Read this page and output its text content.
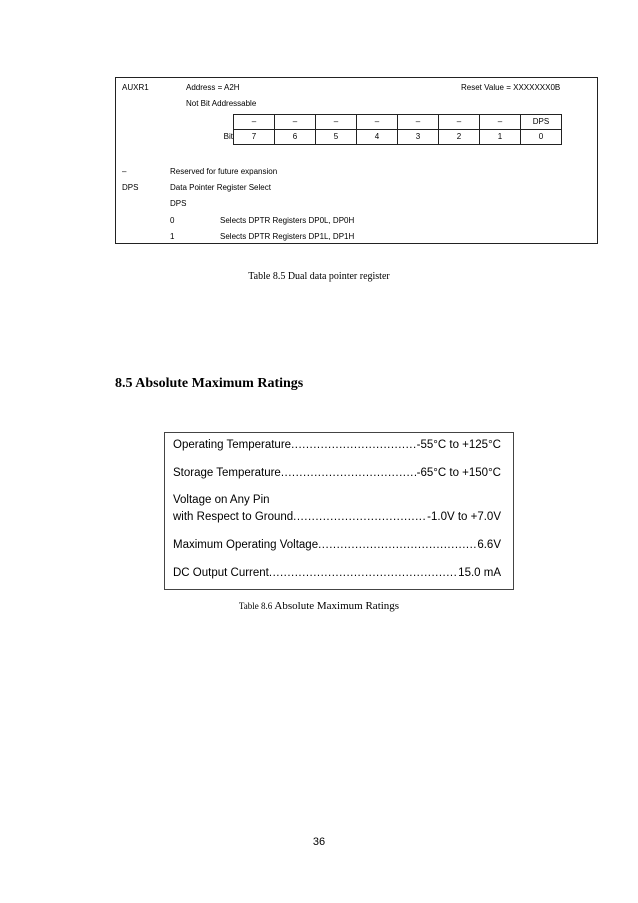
AUXR1	Address = A2H	Reset Value = XXXXXXX0B
Not Bit Addressable
	–	–	–	–	–	–	–	DPS
Bit	7	6	5	4	3	2	1	0
–	Reserved for future expansion
DPS	Data Pointer Register Select
DPS
0	Selects DPTR Registers DP0L, DP0H
1	Selects DPTR Registers DP1L, DP1H
Table 8.5 Dual data pointer register
8.5 Absolute Maximum Ratings
Operating Temperature .....	-55°C to +125°C
Storage Temperature .....	-65°C to +150°C
Voltage on Any Pin
with Respect to Ground .....	-1.0V to +7.0V
Maximum Operating Voltage .....	6.6V
DC Output Current .....	15.0 mA
Table 8.6 Absolute Maximum Ratings
36
